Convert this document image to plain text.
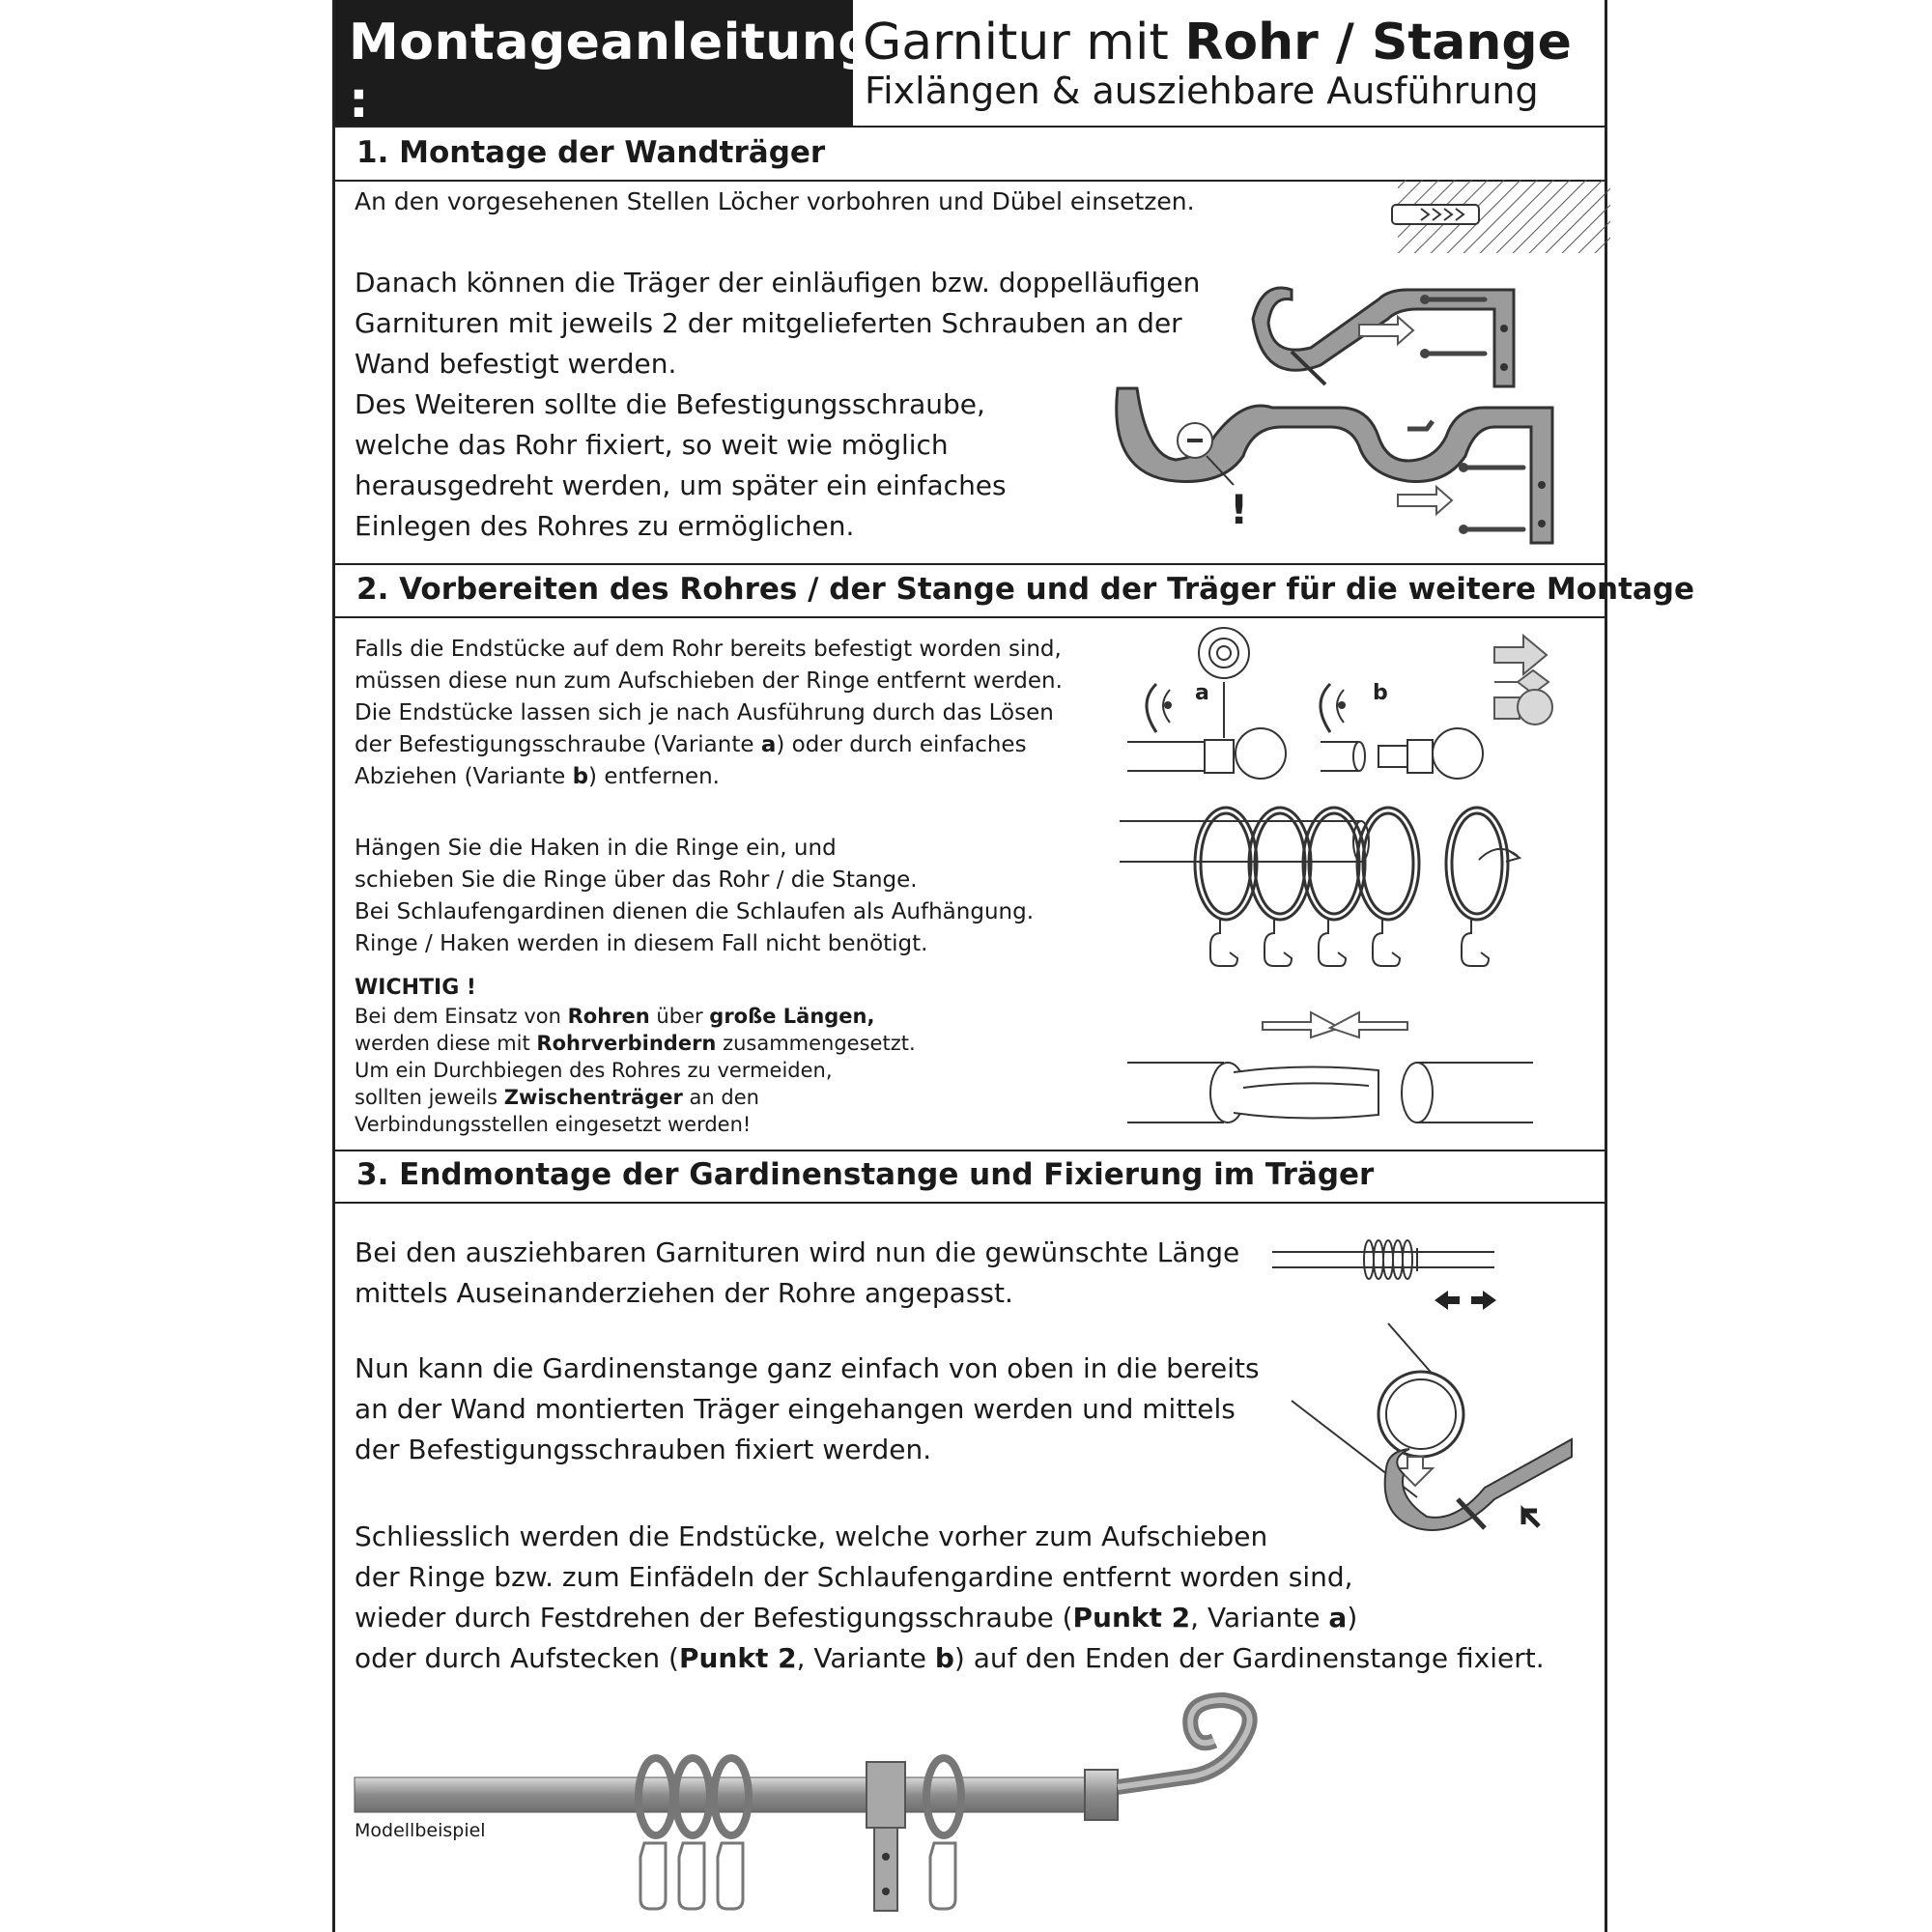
Montageanleitung :
Garnitur mit Rohr / Stange
Fixlängen & ausziehbare Ausführung
1. Montage der Wandträger
An den vorgesehenen Stellen Löcher vorbohren und Dübel einsetzen.
Danach können die Träger der einläufigen bzw. doppelläufigen
Garnituren mit jeweils 2 der mitgelieferten Schrauben an der
Wand befestigt werden.
Des Weiteren sollte die Befestigungsschraube,
welche das Rohr fixiert, so weit wie möglich
herausgedreht werden, um später ein einfaches
Einlegen des Rohres zu ermöglichen.	!
2. Vorbereiten des Rohres / der Stange und der Träger für die weitere Montage
Falls die Endstücke auf dem Rohr bereits befestigt worden sind,
müssen diese nun zum Aufschieben der Ringe entfernt werden.
Die Endstücke lassen sich je nach Ausführung durch das Lösen
der Befestigungsschraube (Variante a) oder durch einfaches
Abziehen (Variante b) entfernen.
a	b
Hängen Sie die Haken in die Ringe ein, und
schieben Sie die Ringe über das Rohr / die Stange.
Bei Schlaufengardinen dienen die Schlaufen als Aufhängung.
Ringe / Haken werden in diesem Fall nicht benötigt.
WICHTIG !
Bei dem Einsatz von Rohren über große Längen,
werden diese mit Rohrverbindern zusammengesetzt.
Um ein Durchbiegen des Rohres zu vermeiden,
sollten jeweils Zwischenträger an den
Verbindungsstellen eingesetzt werden!
3. Endmontage der Gardinenstange und Fixierung im Träger
Bei den ausziehbaren Garnituren wird nun die gewünschte Länge
mittels Auseinanderziehen der Rohre angepasst.
Nun kann die Gardinenstange ganz einfach von oben in die bereits
an der Wand montierten Träger eingehangen werden und mittels
der Befestigungsschrauben fixiert werden.
Schliesslich werden die Endstücke, welche vorher zum Aufschieben
der Ringe bzw. zum Einfädeln der Schlaufengardine entfernt worden sind,
wieder durch Festdrehen der Befestigungsschraube (Punkt 2, Variante a)
oder durch Aufstecken (Punkt 2, Variante b) auf den Enden der Gardinenstange fixiert.
Modellbeispiel
